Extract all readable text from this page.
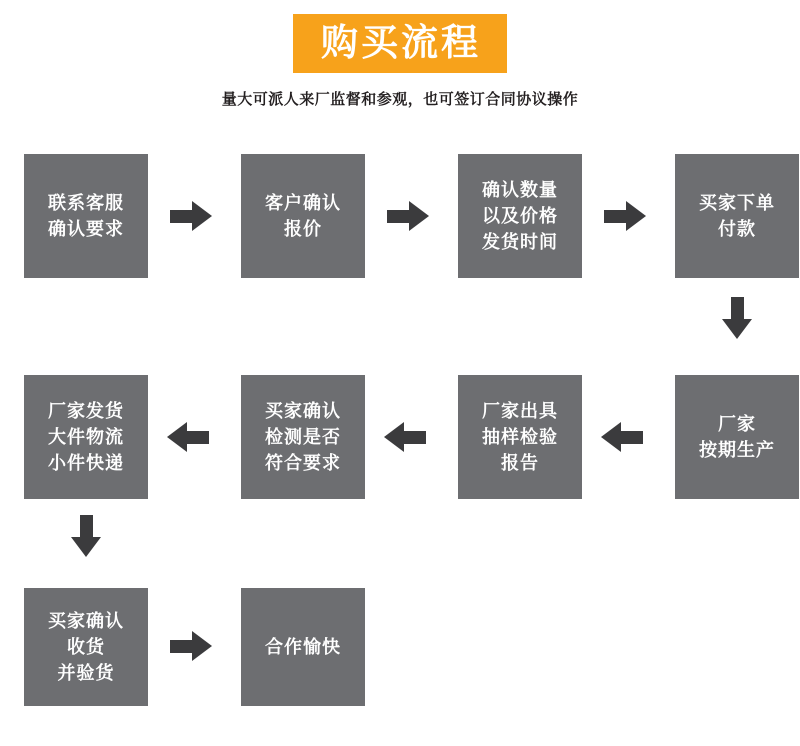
购买流程
量大可派人来厂监督和参观，也可签订合同协议操作
联系客服
确认要求
客户确认
报价
确认数量
以及价格
发货时间
买家下单
付款
厂家
按期生产
厂家出具
抽样检验
报告
买家确认
检测是否
符合要求
厂家发货
大件物流
小件快递
买家确认
收货
并验货
合作愉快
